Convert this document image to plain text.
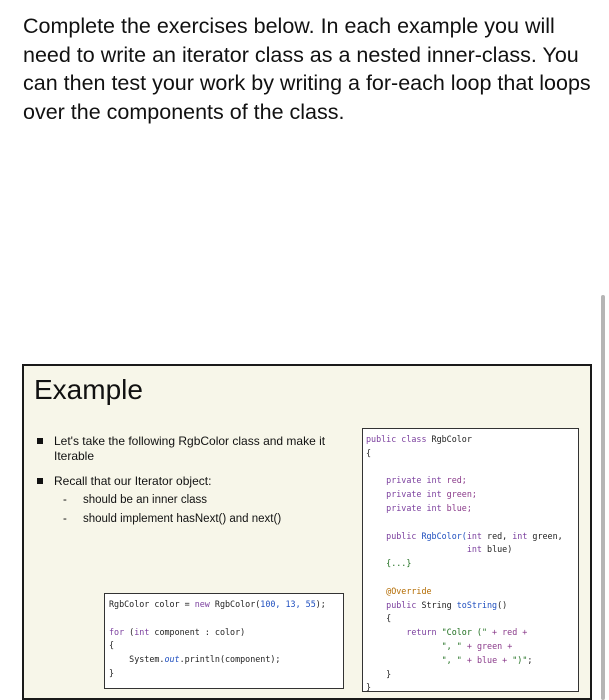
Complete the exercises below. In each example you will need to write an iterator class as a nested inner-class. You can then test your work by writing a for-each loop that loops over the components of the class.
Example
Let's take the following RgbColor class and make it Iterable
Recall that our Iterator object:
- should be an inner class
- should implement hasNext() and next()
RgbColor color = new RgbColor(100, 13, 55);

for (int component : color)
{
System.out.println(component);
}
public class RgbColor
{

private int red;
private int green;
private int blue;

public RgbColor(int red, int green,
int blue)
{...}

@Override
public String toString()
{
return "Color (" + red +
", " + green +
", " + blue + ")";
}
}
